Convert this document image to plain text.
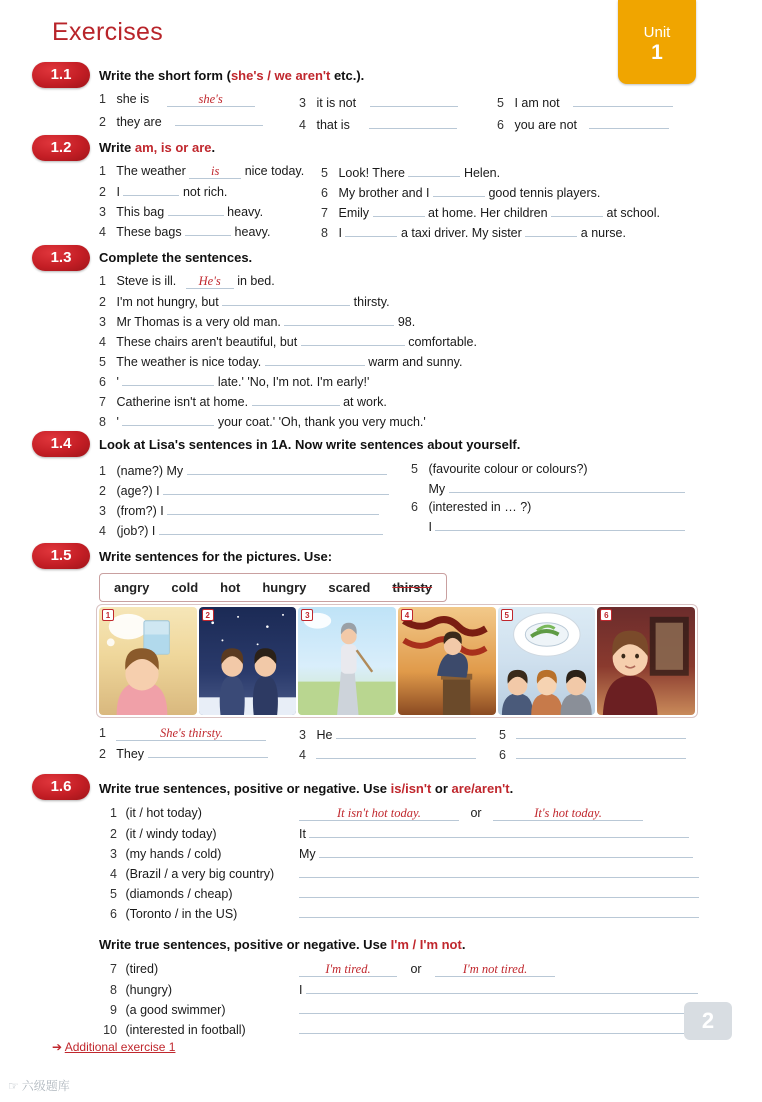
Exercises	Unit
1
1.1	Write the short form (she's / we aren't etc.).
1 she is	she's
2 they are
3 it is not
4 that is
5 I am not
6 you are not
1.2	Write am, is or are.
1 The weather is nice today.
2 I	not rich.
3 This bag	heavy.
4 These bags	heavy.
5 Look! There	Helen.
6 My brother and I	good tennis players.
7 Emily	at home. Her children	at school.
8 I	a taxi driver. My sister	a nurse.
1.3	Complete the sentences.
1 Steve is ill. He's in bed.
2 I'm not hungry, but	thirsty.
3 Mr Thomas is a very old man.	98.
4 These chairs aren't beautiful, but	comfortable.
5 The weather is nice today.	warm and sunny.
6 '	late.' 'No, I'm not. I'm early!'
7 Catherine isn't at home.	at work.
8 '	your coat.' 'Oh, thank you very much.'
1.4	Look at Lisa's sentences in 1A. Now write sentences about yourself.
1 (name?) My
2 (age?) I
3 (from?) I
4 (job?) I
5 (favourite colour or colours?)
My
6 (interested in … ?)
I
1.5	Write sentences for the pictures. Use:
angry cold hot hungry scared thirsty
1	2	3	4	5	6
1	She's thirsty.
2 They
3 He
4
5
6
1.6	Write true sentences, positive or negative. Use is/isn't or are/aren't.
1 (it / hot today)	It isn't hot today.	or	It's hot today.
2 (it / windy today)	It
3 (my hands / cold)	My
4 (Brazil / a very big country)
5 (diamonds / cheap)
6 (Toronto / in the US)
Write true sentences, positive or negative. Use I'm / I'm not.
7 (tired)	I'm tired.	or	I'm not tired.
8 (hungry)	I
9 (a good swimmer)
10 (interested in football)
➔ Additional exercise 1
2
☞ 六级题库
